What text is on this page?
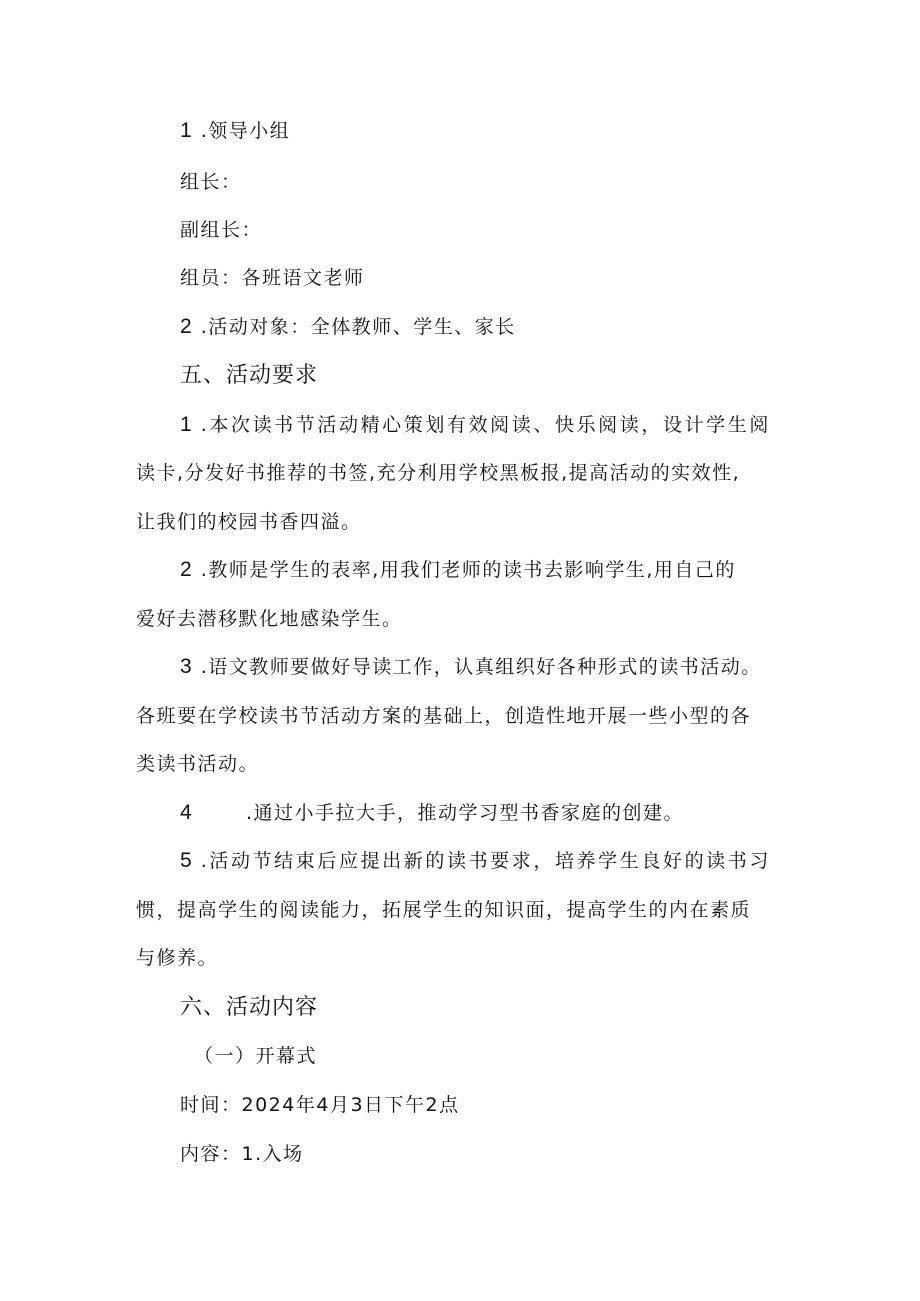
1 .领导小组
组长：
副组长：
组员：各班语文老师
2 .活动对象：全体教师、学生、家长
五、活动要求
1 .本次读书节活动精心策划有效阅读、快乐阅读，设计学生阅
读卡,分发好书推荐的书签,充分利用学校黑板报,提高活动的实效性,
让我们的校园书香四溢。
2 .教师是学生的表率,用我们老师的读书去影响学生,用自己的
爱好去潜移默化地感染学生。
3 .语文教师要做好导读工作，认真组织好各种形式的读书活动。
各班要在学校读书节活动方案的基础上，创造性地开展一些小型的各
类读书活动。
4	.通过小手拉大手，推动学习型书香家庭的创建。
5 .活动节结束后应提出新的读书要求，培养学生良好的读书习
惯，提高学生的阅读能力，拓展学生的知识面，提高学生的内在素质
与修养。
六、活动内容
（一）开幕式
时间：2024年4月3日下午2点
内容：1.入场
